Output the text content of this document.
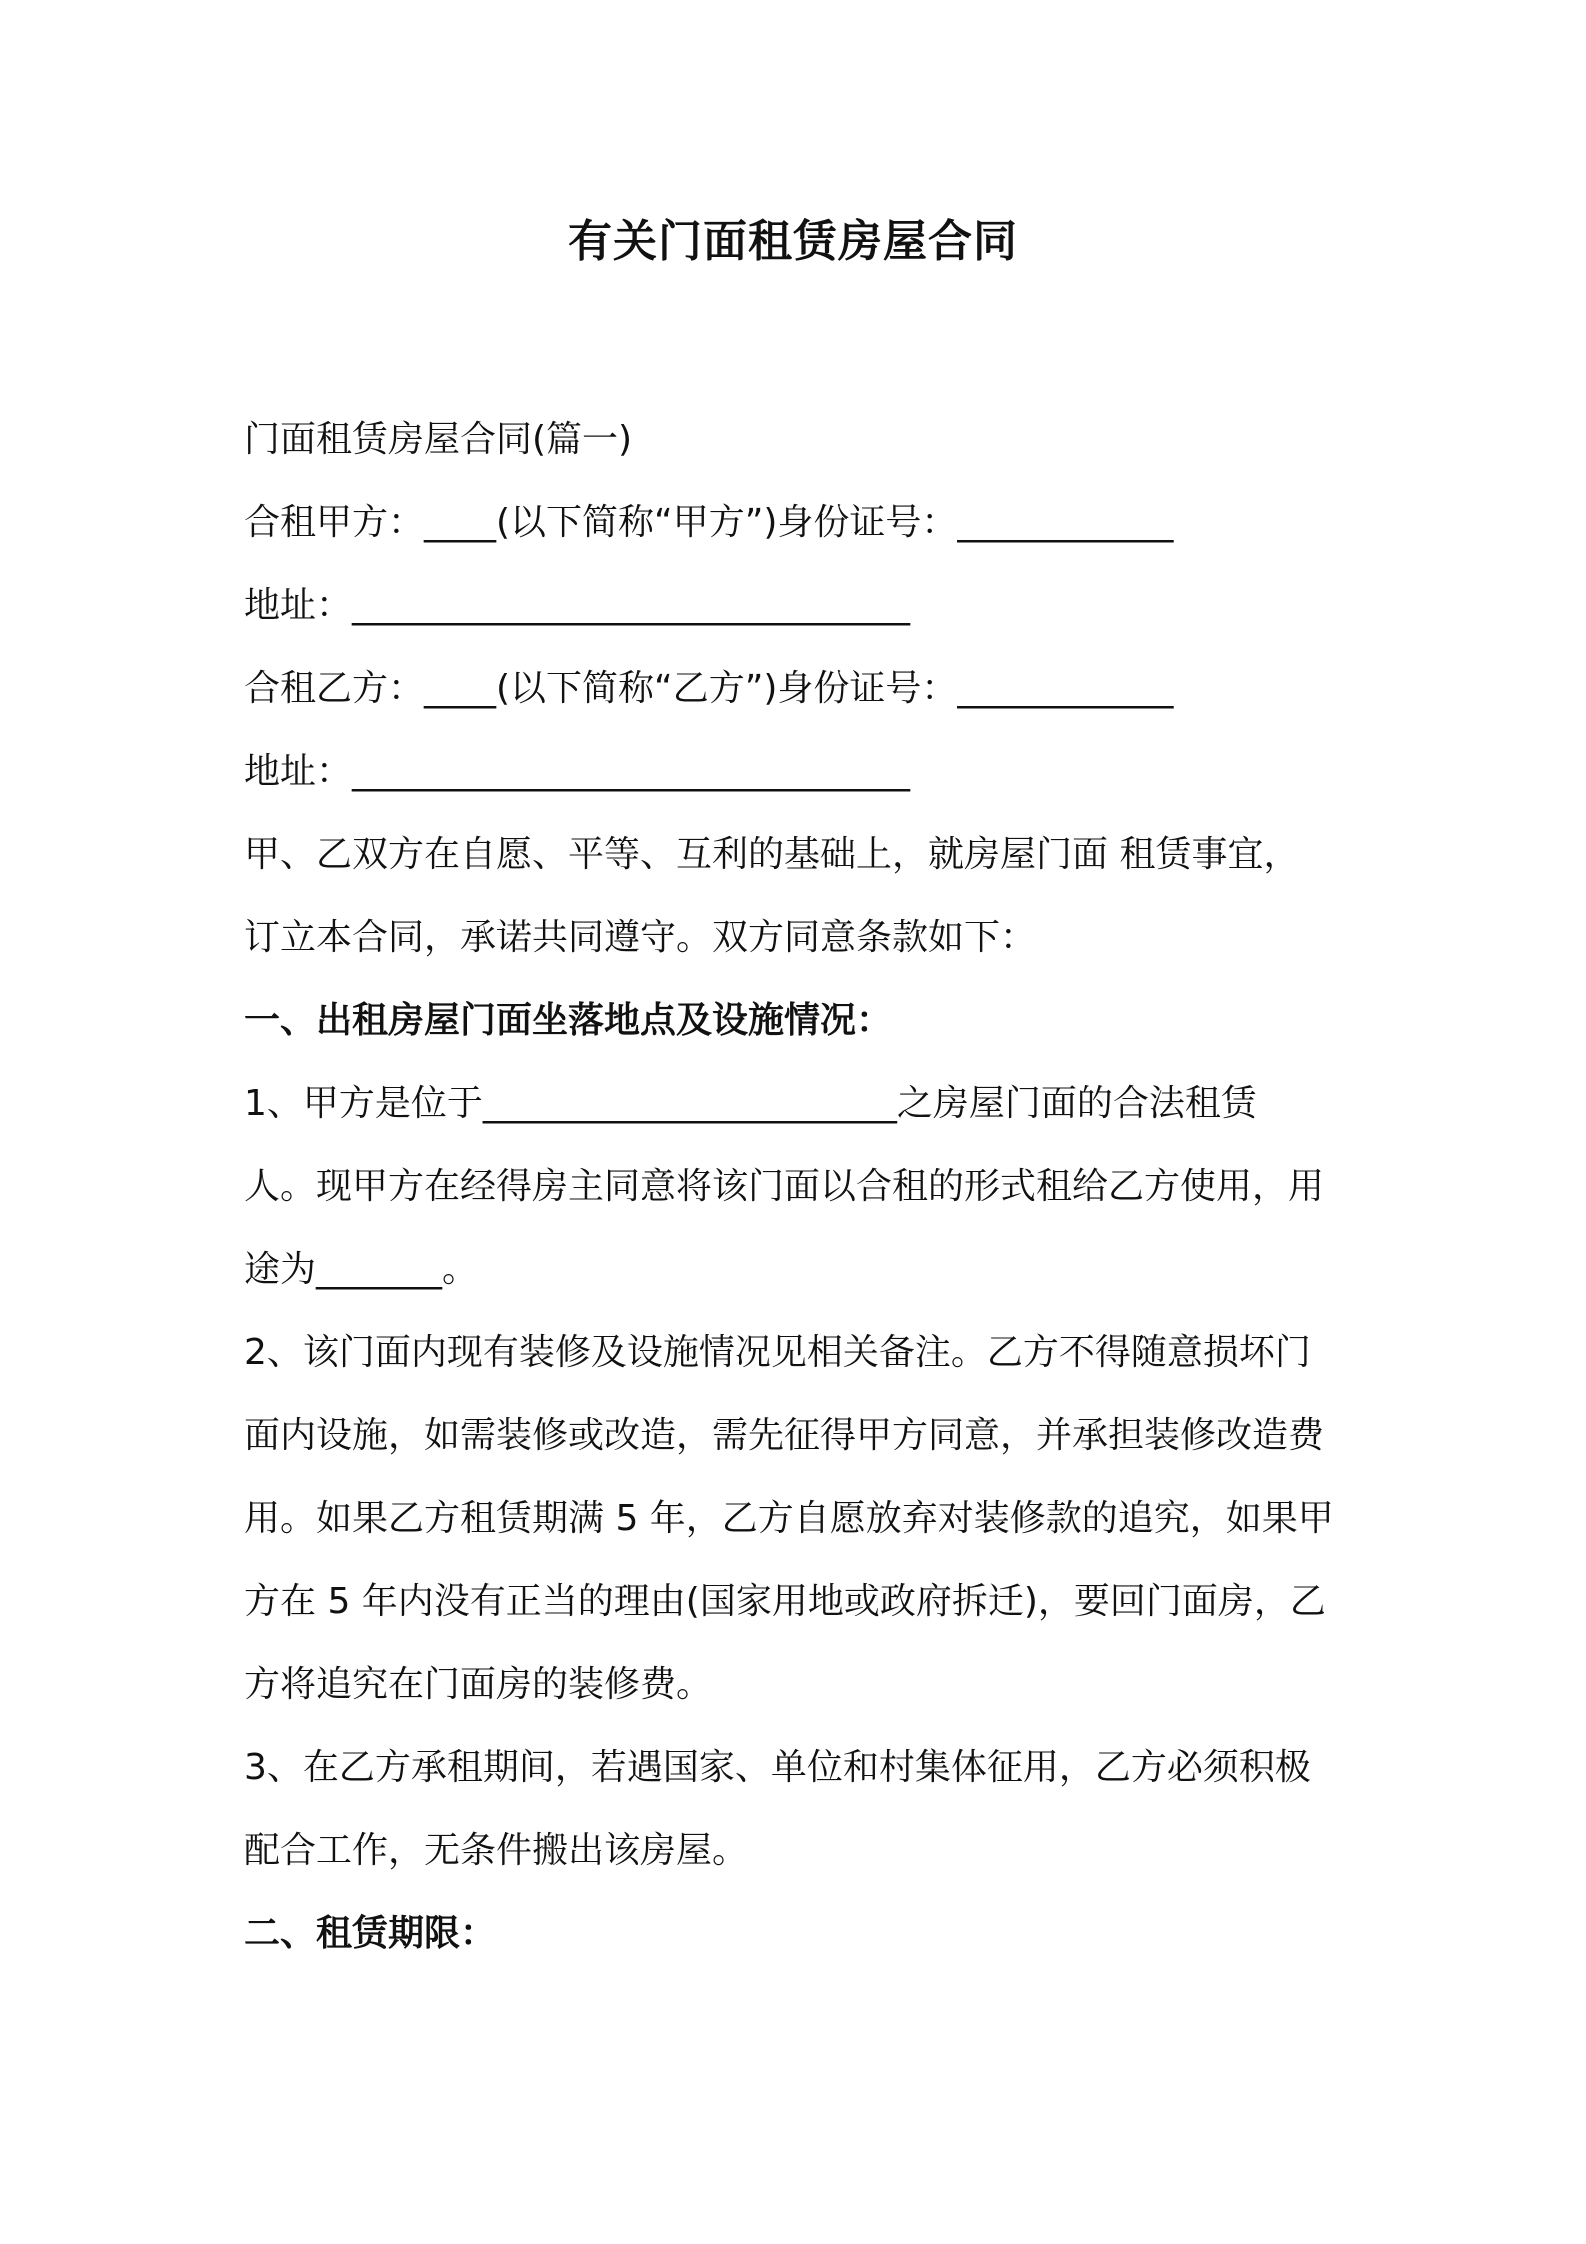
有关门面租赁房屋合同
门面租赁房屋合同(篇一)
合租甲方：____(以下简称“甲方”)身份证号：____________
地址：_______________________________
合租乙方：____(以下简称“乙方”)身份证号：____________
地址：_______________________________
甲、乙双方在自愿、平等、互利的基础上，就房屋门面 租赁事宜，
订立本合同，承诺共同遵守。双方同意条款如下：
一、出租房屋门面坐落地点及设施情况：
1、甲方是位于_______________________之房屋门面的合法租赁
人。现甲方在经得房主同意将该门面以合租的形式租给乙方使用，用
途为_______。
2、该门面内现有装修及设施情况见相关备注。乙方不得随意损坏门
面内设施，如需装修或改造，需先征得甲方同意，并承担装修改造费
用。如果乙方租赁期满 5 年，乙方自愿放弃对装修款的追究，如果甲
方在 5 年内没有正当的理由(国家用地或政府拆迁)，要回门面房，乙
方将追究在门面房的装修费。
3、在乙方承租期间，若遇国家、单位和村集体征用，乙方必须积极
配合工作，无条件搬出该房屋。
二、租赁期限：
